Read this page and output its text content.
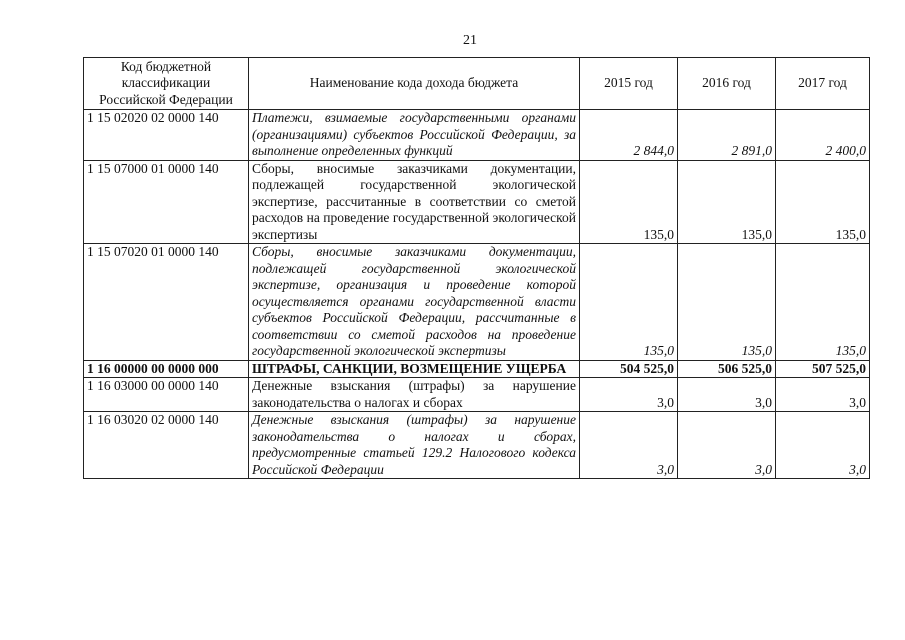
21
Код бюджетной классификации Российской Федерации	Наименование кода дохода бюджета	2015 год	2016 год	2017 год
1 15 02020 02 0000 140	Платежи, взимаемые государственными органами (организациями) субъектов Российской Федерации, за выполнение определенных функций	2 844,0	2 891,0	2 400,0
1 15 07000 01 0000 140	Сборы, вносимые заказчиками документации, подлежащей государственной экологической экспертизе, рассчитанные в соответствии со сметой расходов на проведение государственной экологической экспертизы	135,0	135,0	135,0
1 15 07020 01 0000 140	Сборы, вносимые заказчиками документации, подлежащей государственной экологической экспертизе, организация и проведение которой осуществляется органами государственной власти субъектов Российской Федерации, рассчитанные в соответствии со сметой расходов на проведение государственной экологической экспертизы	135,0	135,0	135,0
1 16 00000 00 0000 000	ШТРАФЫ, САНКЦИИ, ВОЗМЕЩЕНИЕ УЩЕРБА	504 525,0	506 525,0	507 525,0
1 16 03000 00 0000 140	Денежные взыскания (штрафы) за нарушение законодательства о налогах и сборах	3,0	3,0	3,0
1 16 03020 02 0000 140	Денежные взыскания (штрафы) за нарушение законодательства о налогах и сборах, предусмотренные статьей 129.2 Налогового кодекса Российской Федерации	3,0	3,0	3,0
